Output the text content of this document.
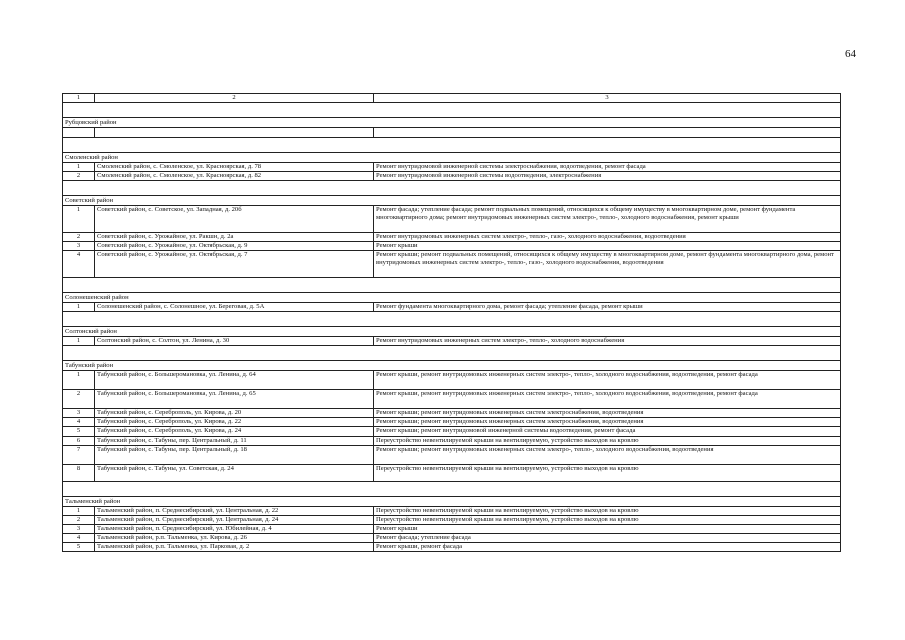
64
1	2	3

Рубцовский район		

Смоленский район		
1	Смоленский район, с. Смоленское, ул. Красноярская, д. 78	Ремонт внутридомовой инженерной системы электроснабжения, водоотведения, ремонт фасада
2	Смоленский район, с. Смоленское, ул. Красноярская, д. 82	Ремонт внутридомовой инженерной системы водоотведения, электроснабжения

Советский район		
1	Советский район, с. Советское, ул. Западная, д. 20б	Ремонт фасада; утепление фасада; ремонт подвальных помещений, относящихся к общему имуществу в многоквартирном доме, ремонт фундамента многоквартирного дома; ремонт внутридомовых инженерных систем электро-, тепло-, холодного водоснабжения, ремонт крыши
2	Советский район, с. Урожайное, ул. Ракшн, д. 2а	Ремонт внутридомовых инженерных систем электро-, тепло-, газо-, холодного водоснабжения, водоотведения
3	Советский район, с. Урожайное, ул. Октябрьская, д. 9	Ремонт крыши
4	Советский район, с. Урожайное, ул. Октябрьская, д. 7	Ремонт крыши; ремонт подвальных помещений, относящихся к общему имуществу в многоквартирном доме, ремонт фундамента многоквартирного дома, ремонт внутридомовых инженерных систем электро-, тепло-, газо-, холодного водоснабжения, водоотведения

Солонешенский район		
1	Солонешенский район, с. Солонешное, ул. Береговая, д. 5А	Ремонт фундамента многоквартирного дома, ремонт фасада; утепление фасада, ремонт крыши

Солтонский район		
1	Солтонский район, с. Солтон, ул. Ленина, д. 30	Ремонт внутридомовых инженерных систем электро-, тепло-, холодного водоснабжения

Табунский район		
1	Табунский район, с. Большеромановка, ул. Ленина, д. 64	Ремонт крыши, ремонт внутридомовых инженерных систем электро-, тепло-, холодного водоснабжения, водоотведения, ремонт фасада
2	Табунский район, с. Большеромановка, ул. Ленина, д. 65	Ремонт крыши, ремонт внутридомовых инженерных систем электро-, тепло-, холодного водоснабжения, водоотведения, ремонт фасада
3	Табунский район, с. Сереброполь, ул. Кирова, д. 20	Ремонт крыши; ремонт внутридомовых инженерных систем электроснабжения, водоотведения
4	Табунский район, с. Сереброполь, ул. Кирова, д. 22	Ремонт крыши; ремонт внутридомовых инженерных систем электроснабжения, водоотведения
5	Табунский район, с. Сереброполь, ул. Кирова, д. 24	Ремонт крыши; ремонт внутридомовой инженерной системы водоотведения, ремонт фасада
6	Табунский район, с. Табуны, пер. Центральный, д. 11	Переустройство невентилируемой крыши на вентилируемую, устройство выходов на кровлю
7	Табунский район, с. Табуны, пер. Центральный, д. 18	Ремонт крыши; ремонт внутридомовых инженерных систем электро-, тепло-, холодного водоснабжения, водоотведения
8	Табунский район, с. Табуны, ул. Советская, д. 24	Переустройство невентилируемой крыши на вентилируемую, устройство выходов на кровлю

Тальменский район		
1	Тальменский район, п. Среднесибирский, ул. Центральная, д. 22	Переустройство невентилируемой крыши на вентилируемую, устройство выходов на кровлю
2	Тальменский район, п. Среднесибирский, ул. Центральная, д. 24	Переустройство невентилируемой крыши на вентилируемую, устройство выходов на кровлю
3	Тальменский район, п. Среднесибирский, ул. Юбилейная, д. 4	Ремонт крыши
4	Тальменский район, р.п. Тальменка, ул. Кирова, д. 26	Ремонт фасада; утепление фасада
5	Тальменский район, р.п. Тальменка, ул. Парковая, д. 2	Ремонт крыши, ремонт фасада
